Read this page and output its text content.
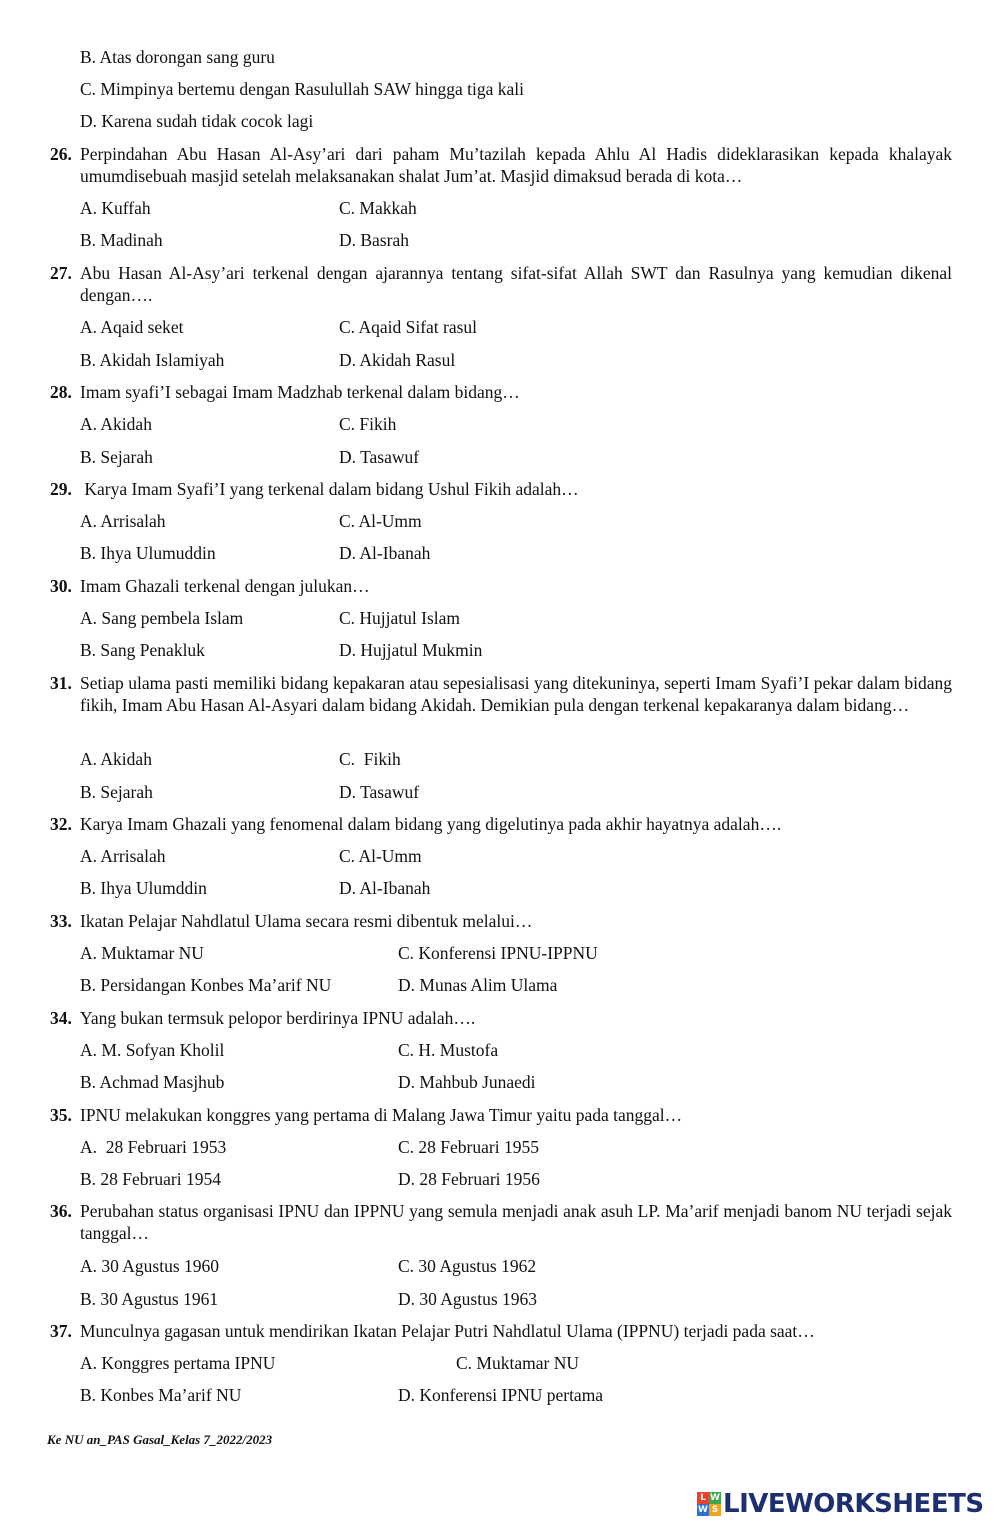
B. Atas dorongan sang guru
C. Mimpinya bertemu dengan Rasulullah SAW hingga tiga kali
D. Karena sudah tidak cocok lagi
26. Perpindahan Abu Hasan Al-Asy’ari dari paham Mu’tazilah kepada Ahlu Al Hadis dideklarasikan kepada khalayak umumdisebuah masjid setelah melaksanakan shalat Jum’at. Masjid dimaksud berada di kota…
A. Kuffah	C. Makkah
B. Madinah	D. Basrah
27. Abu Hasan Al-Asy’ari terkenal dengan ajarannya tentang sifat-sifat Allah SWT dan Rasulnya yang kemudian dikenal dengan….
A. Aqaid seket	C. Aqaid Sifat rasul
B. Akidah Islamiyah	D. Akidah Rasul
28. Imam syafi’I sebagai Imam Madzhab terkenal dalam bidang…
A. Akidah	C. Fikih
B. Sejarah	D. Tasawuf
29. Karya Imam Syafi’I yang terkenal dalam bidang Ushul Fikih adalah…
A. Arrisalah	C. Al-Umm
B. Ihya Ulumuddin	D. Al-Ibanah
30. Imam Ghazali terkenal dengan julukan…
A. Sang pembela Islam	C. Hujjatul Islam
B. Sang Penakluk	D. Hujjatul Mukmin
31. Setiap ulama pasti memiliki bidang kepakaran atau sepesialisasi yang ditekuninya, seperti Imam Syafi’I pekar dalam bidang fikih, Imam Abu Hasan Al-Asyari dalam bidang Akidah. Demikian pula dengan terkenal kepakaranya dalam bidang…
A. Akidah	C.  Fikih
B. Sejarah	D. Tasawuf
32. Karya Imam Ghazali yang fenomenal dalam bidang yang digelutinya pada akhir hayatnya adalah….
A. Arrisalah	C. Al-Umm
B. Ihya Ulumddin	D. Al-Ibanah
33. Ikatan Pelajar Nahdlatul Ulama secara resmi dibentuk melalui…
A. Muktamar NU	C. Konferensi IPNU-IPPNU
B. Persidangan Konbes Ma’arif NU	D. Munas Alim Ulama
34. Yang bukan termsuk pelopor berdirinya IPNU adalah….
A. M. Sofyan Kholil	C. H. Mustofa
B. Achmad Masjhub	D. Mahbub Junaedi
35. IPNU melakukan konggres yang pertama di Malang Jawa Timur yaitu pada tanggal…
A.  28 Februari 1953	C. 28 Februari 1955
B. 28 Februari 1954	D. 28 Februari 1956
36. Perubahan status organisasi IPNU dan IPPNU yang semula menjadi anak asuh LP. Ma’arif menjadi banom NU terjadi sejak tanggal…
A. 30 Agustus 1960	C. 30 Agustus 1962
B. 30 Agustus 1961	D. 30 Agustus 1963
37. Munculnya gagasan untuk mendirikan Ikatan Pelajar Putri Nahdlatul Ulama (IPPNU) terjadi pada saat…
A. Konggres pertama IPNU	C. Muktamar NU
B. Konbes Ma’arif NU	D. Konferensi IPNU pertama
Ke NU an_PAS Gasal_Kelas 7_2022/2023
L W
W S LIVEWORKSHEETS
